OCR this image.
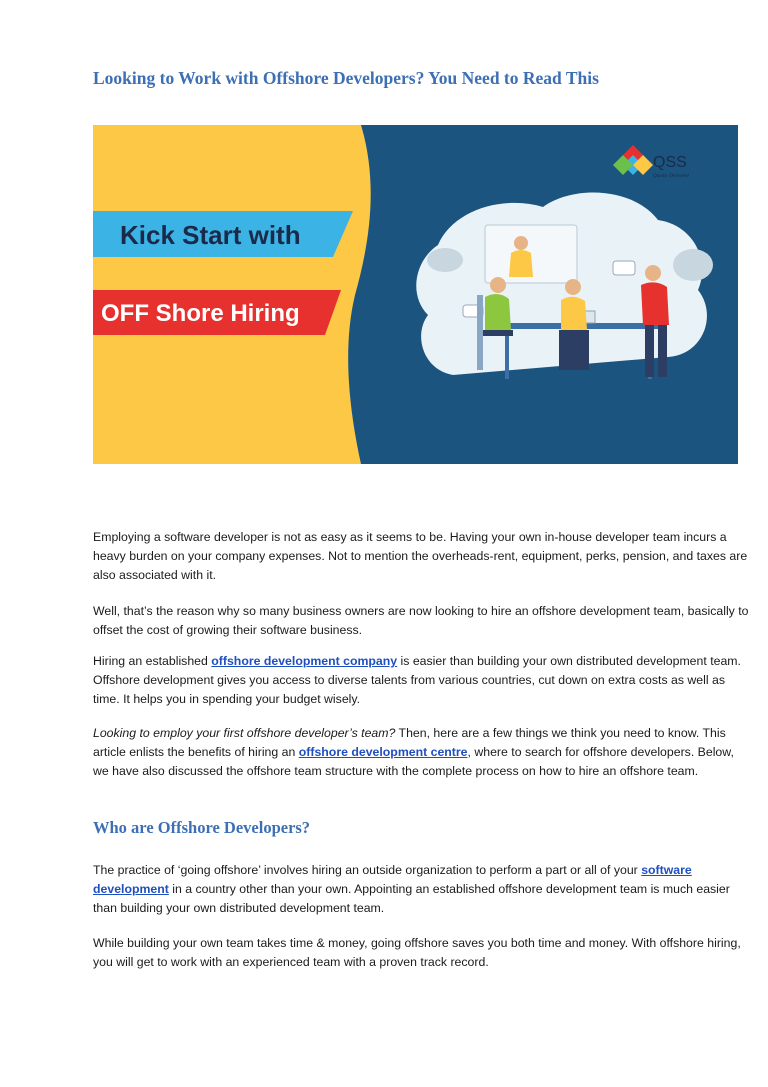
Looking to Work with Offshore Developers? You Need to Read This
Kick Start with
OFF Shore Hiring
QSS
Quality Delivered

Employing a software developer is not as easy as it seems to be. Having your own in-house developer team incurs a heavy burden on your company expenses. Not to mention the overheads-rent, equipment, perks, pension, and taxes are also associated with it.

Well, that’s the reason why so many business owners are now looking to hire an offshore development team, basically to offset the cost of growing their software business.

Hiring an established offshore development company is easier than building your own distributed development team. Offshore development gives you access to diverse talents from various countries, cut down on extra costs as well as time. It helps you in spending your budget wisely.

Looking to employ your first offshore developer’s team? Then, here are a few things we think you need to know. This article enlists the benefits of hiring an offshore development centre, where to search for offshore developers. Below, we have also discussed the offshore team structure with the complete process on how to hire an offshore team.

Who are Offshore Developers?

The practice of ‘going offshore’ involves hiring an outside organization to perform a part or all of your software development in a country other than your own. Appointing an established offshore development team is much easier than building your own distributed development team.

While building your own team takes time & money, going offshore saves you both time and money. With offshore hiring, you will get to work with an experienced team with a proven track record.
